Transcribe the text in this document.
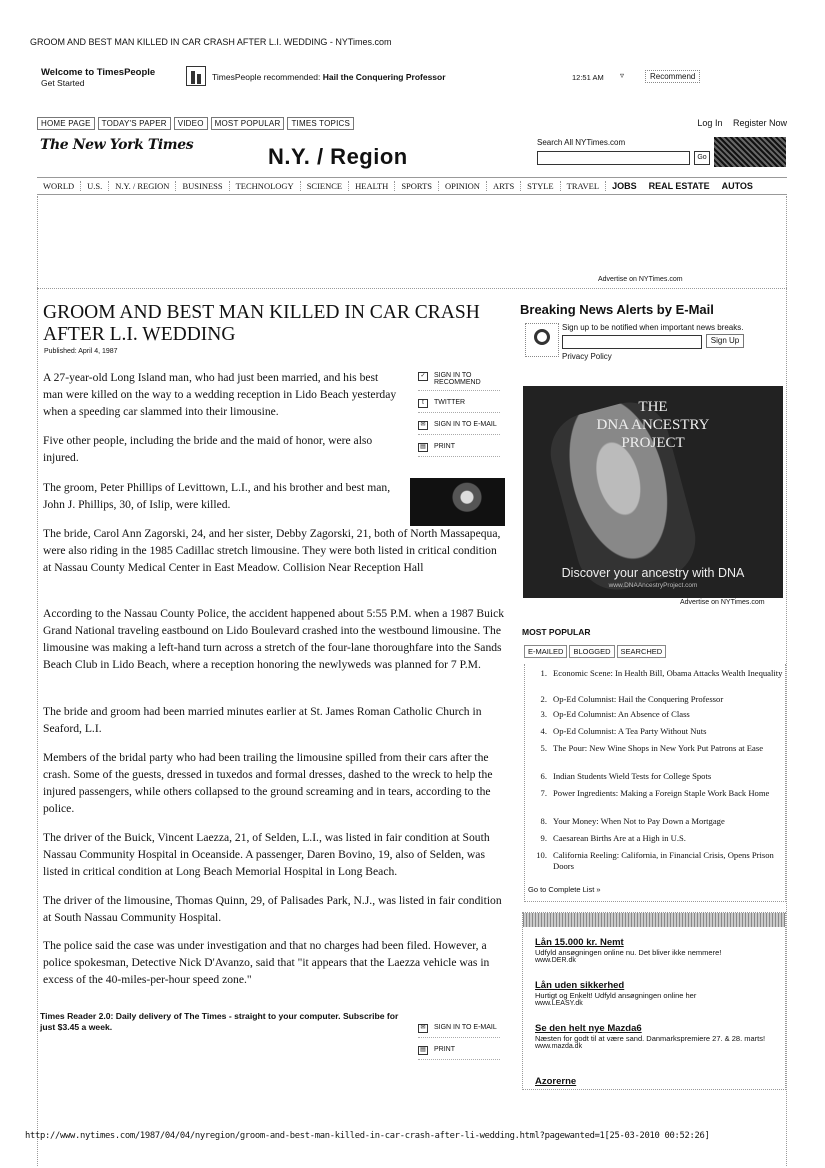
GROOM AND BEST MAN KILLED IN CAR CRASH AFTER L.I. WEDDING - NYTimes.com
Welcome to TimesPeople
Get Started
TimesPeople recommended: Hail the Conquering Professor	12:51 AM ▿	Recommend
HOME PAGE	TODAY'S PAPER	VIDEO	MOST POPULAR	TIMES TOPICS	Log In Register Now
The New York Times	N.Y. / Region
Search All NYTimes.com
Go
WORLD	U.S.	N.Y. / REGION	BUSINESS	TECHNOLOGY	SCIENCE	HEALTH	SPORTS	OPINION	ARTS	STYLE	TRAVEL	JOBS	REAL ESTATE	AUTOS
Advertise on NYTimes.com
GROOM AND BEST MAN KILLED IN CAR CRASH AFTER L.I. WEDDING
Published: April 4, 1987
A 27-year-old Long Island man, who had just been married, and his best man were killed on the way to a wedding reception in Lido Beach yesterday when a speeding car slammed into their limousine.
Five other people, including the bride and the maid of honor, were also injured.
The groom, Peter Phillips of Levittown, L.I., and his brother and best man, John J. Phillips, 30, of Islip, were killed.
The bride, Carol Ann Zagorski, 24, and her sister, Debby Zagorski, 21, both of North Massapequa, were also riding in the 1985 Cadillac stretch limousine. They were both listed in critical condition at Nassau County Medical Center in East Meadow. Collision Near Reception Hall
According to the Nassau County Police, the accident happened about 5:55 P.M. when a 1987 Buick Grand National traveling eastbound on Lido Boulevard crashed into the westbound limousine. The limousine was making a left-hand turn across a stretch of the four-lane thoroughfare into the Sands Beach Club in Lido Beach, where a reception honoring the newlyweds was planned for 7 P.M.
The bride and groom had been married minutes earlier at St. James Roman Catholic Church in Seaford, L.I.
Members of the bridal party who had been trailing the limousine spilled from their cars after the crash. Some of the guests, dressed in tuxedos and formal dresses, dashed to the wreck to help the injured passengers, while others collapsed to the ground screaming and in tears, according to the police.
The driver of the Buick, Vincent Laezza, 21, of Selden, L.I., was listed in fair condition at South Nassau Community Hospital in Oceanside. A passenger, Daren Bovino, 19, also of Selden, was listed in critical condition at Long Beach Memorial Hospital in Long Beach.
The driver of the limousine, Thomas Quinn, 29, of Palisades Park, N.J., was listed in fair condition at South Nassau Community Hospital.
The police said the case was under investigation and that no charges had been filed. However, a police spokesman, Detective Nick D'Avanzo, said that "it appears that the Laezza vehicle was in excess of the 40-miles-per-hour speed zone."
✓	SIGN IN TO RECOMMEND
t	TWITTER
✉	SIGN IN TO E-MAIL
▤	PRINT
Times Reader 2.0: Daily delivery of The Times - straight to your computer. Subscribe for just $3.45 a week.	✉	SIGN IN TO E-MAIL
▤	PRINT
Breaking News Alerts by E-Mail
Sign up to be notified when important news breaks.
Sign Up
Privacy Policy
THE
DNA ANCESTRY
PROJECT
Discover your ancestry with DNA
www.DNAAncestryProject.com
Advertise on NYTimes.com
MOST POPULAR
E-MAILED	BLOGGED	SEARCHED
1. Economic Scene: In Health Bill, Obama Attacks Wealth Inequality
2. Op-Ed Columnist: Hail the Conquering Professor
3. Op-Ed Columnist: An Absence of Class
4. Op-Ed Columnist: A Tea Party Without Nuts
5. The Pour: New Wine Shops in New York Put Patrons at Ease
6. Indian Students Wield Tests for College Spots
7. Power Ingredients: Making a Foreign Staple Work Back Home
8. Your Money: When Not to Pay Down a Mortgage
9. Caesarean Births Are at a High in U.S.
10. California Reeling: California, in Financial Crisis, Opens Prison Doors
Go to Complete List »
Lån 15.000 kr. Nemt
Udfyld ansøgningen online nu. Det bliver ikke nemmere!
www.DER.dk
Lån uden sikkerhed
Hurtigt og Enkelt! Udfyld ansøgningen online her
www.LEASY.dk
Se den helt nye Mazda6
Næsten for godt til at være sand. Danmarkspremiere 27. & 28. marts!
www.mazda.dk
Azorerne
http://www.nytimes.com/1987/04/04/nyregion/groom-and-best-man-killed-in-car-crash-after-li-wedding.html?pagewanted=1[25-03-2010 00:52:26]
